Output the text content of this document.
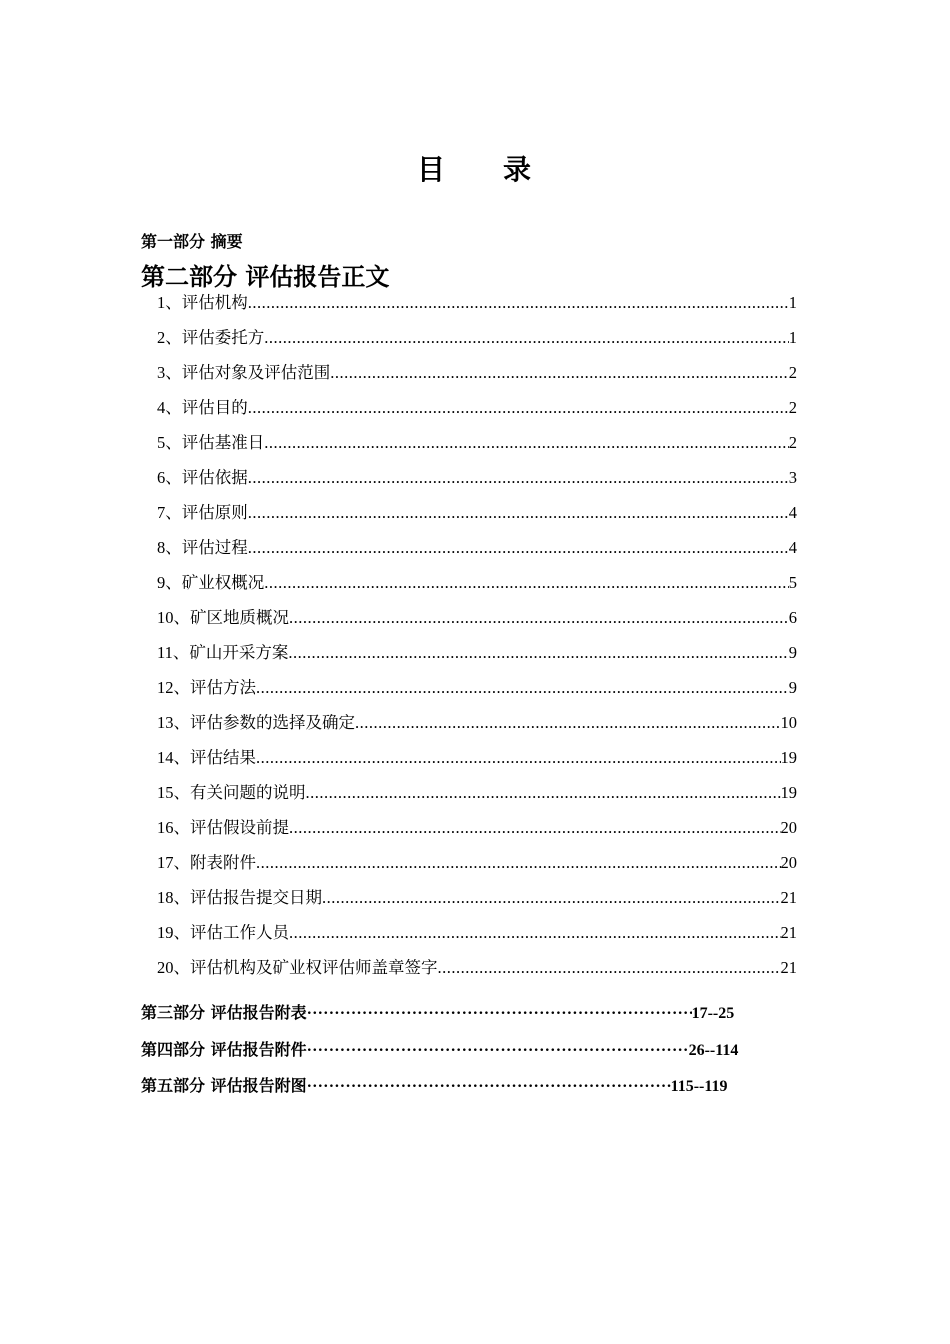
目 录
第一部分 摘要
第二部分 评估报告正文
1、评估机构 .....	1
2、评估委托方 .....	1
3、评估对象及评估范围 .....	2
4、评估目的 .....	2
5、评估基准日 .....	2
6、评估依据 .....	3
7、评估原则 .....	4
8、评估过程 .....	4
9、矿业权概况 .....	5
10、矿区地质概况 .....	6
11、矿山开采方案 .....	9
12、评估方法 .....	9
13、评估参数的选择及确定 .....	10
14、评估结果 .....	19
15、有关问题的说明 .....	19
16、评估假设前提 .....	20
17、附表附件 .....	20
18、评估报告提交日期 .....	21
19、评估工作人员 .....	21
20、评估机构及矿业权评估师盖章签字 .....	21
第三部分 评估报告附表 ·····	17--25
第四部分 评估报告附件 ·····	26--114
第五部分 评估报告附图 ·····	115--119
